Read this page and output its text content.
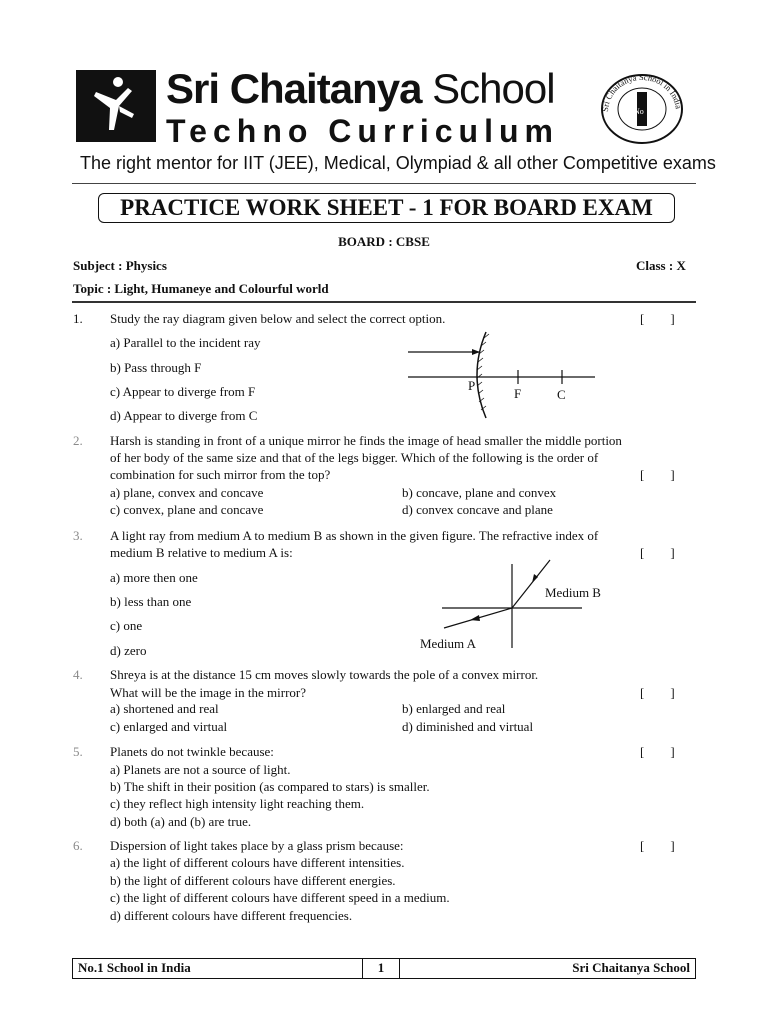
Sri Chaitanya School
Techno Curriculum
The right mentor for IIT (JEE), Medical, Olympiad & all other Competitive exams
Sri Chaitanya School in India
No
PRACTICE WORK SHEET - 1 FOR BOARD EXAM
BOARD : CBSE
Subject : Physics	Class : X
Topic : Light, Humaneye and Colourful world
1. Study the ray diagram given below and select the correct option.	[        ]
a) Parallel to the incident ray
b) Pass through F
c) Appear to diverge from F
d) Appear to diverge from C
P
F	C
2. Harsh is standing in front of a unique mirror he finds the image of head smaller the middle portion
of her body of the same size and that of the legs bigger. Which of the following is the order of
combination for such mirror from the top?	[        ]
a) plane, convex and concave	b) concave, plane and convex
c) convex, plane and concave	d) convex concave and plane
3. A light ray from medium A to medium B as shown in the given figure. The refractive index of
medium B relative to medium A is:	[        ]
a) more then one
b) less than one
c) one
d) zero
Medium B
Medium A
4. Shreya is at the distance 15 cm moves slowly towards the pole of a convex mirror.
What will be the image in the mirror?	[        ]
a) shortened and real	b) enlarged and real
c) enlarged and virtual	d) diminished and virtual
5. Planets do not twinkle because:	[        ]
a) Planets are not a source of light.
b) The shift in their position (as compared to stars) is smaller.
c) they reflect high intensity light reaching them.
d) both (a) and (b) are true.
6. Dispersion of light takes place by a glass prism because:	[        ]
a) the light of different colours have different intensities.
b) the light of different colours have different energies.
c) the light of different colours have different speed in a medium.
d) different colours have different frequencies.
No.1 School in India	1	Sri Chaitanya School
